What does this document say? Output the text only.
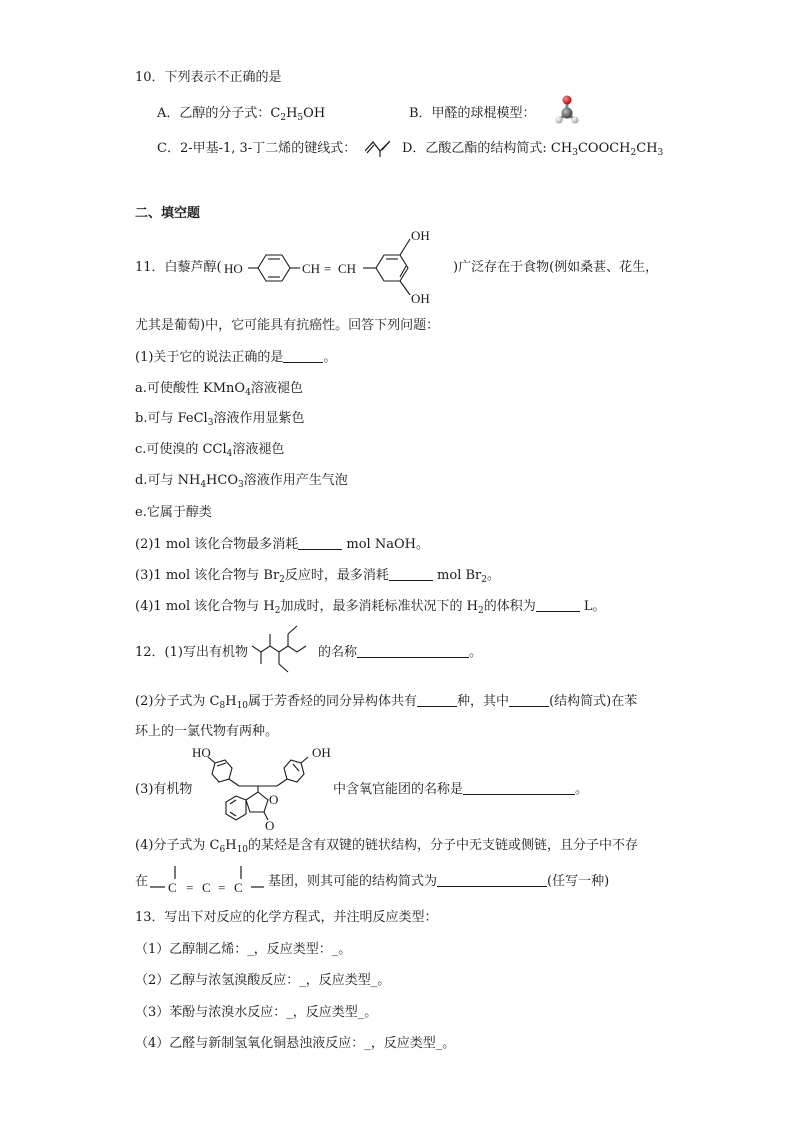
10．下列表示不正确的是
A．乙醇的分子式：$C_2H_5OH$	B．甲醛的球棍模型：
C．2-甲基-1, 3-丁二烯的键线式：	D．乙酸乙酯的结构简式: $CH_3COOCH_2CH_3$
二、填空题
11．白藜芦醇( HO	CH = CH
OH
OH
)广泛存在于食物(例如桑葚、花生，
尤其是葡萄)中，它可能具有抗癌性。回答下列问题：
(1)关于它的说法正确的是	。
a.可使酸性 KMnO$_4$溶液褪色
b.可与 FeCl$_3$溶液作用显紫色
c.可使溴的 CCl$_4$溶液褪色
d.可与 $NH_4HCO_3$溶液作用产生气泡
e.它属于醇类
(2)1 mol 该化合物最多消耗	mol NaOH。
(3)1 mol 该化合物与 $Br_2$反应时，最多消耗	mol $Br_2$。
(4)1 mol 该化合物与 $H_2$加成时，最多消耗标准状况下的 $H_2$的体积为	L。
12．(1)写出有机物	的名称	。
(2)分子式为 $C_8H_{10}$属于芳香烃的同分异构体共有	种，其中	(结构简式)在苯
环上的一氯代物有两种。
(3)有机物
HO	OH
O
O
中含氧官能团的名称是	。
(4)分子式为 $C_6H_{10}$的某烃是含有双键的链状结构，分子中无支链或侧链，且分子中不存
在 C = C = C 基团，则其可能的结构简式为	(任写一种)
13．写出下对反应的化学方程式，并注明反应类型：
（1）乙醇制乙烯：_，反应类型：_。
（2）乙醇与浓氢溴酸反应：_，反应类型_。
（3）苯酚与浓溴水反应：_，反应类型_。
（4）乙醛与新制氢氧化铜悬浊液反应：_，反应类型_。
